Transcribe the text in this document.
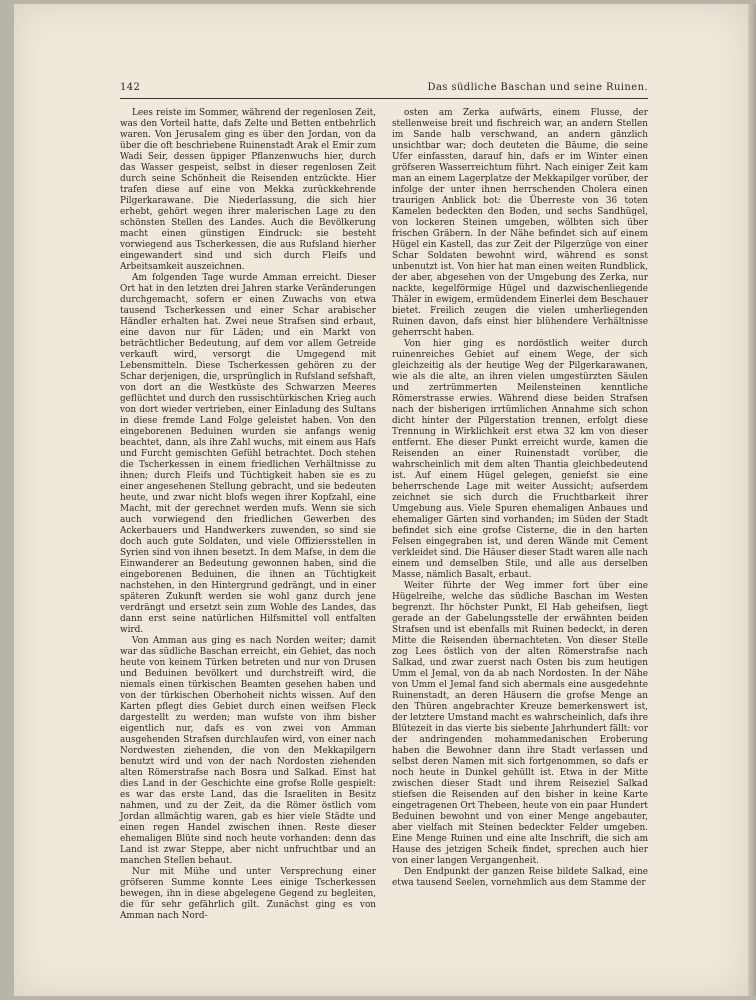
142	Das südliche Baschan und seine Ruinen.

Lees reiste im Sommer, während der regenlosen Zeit, was den Vorteil hatte, dafs Zelte und Betten entbehrlich waren. Von Jerusalem ging es über den Jordan, von da über die oft beschriebene Ruinenstadt Arak el Emir zum Wadi Seir, dessen üppiger Pflanzenwuchs hier, durch das Wasser gespeist, selbst in dieser regenlosen Zeit durch seine Schönheit die Reisenden entzückte. Hier trafen diese auf eine von Mekka zurückkehrende Pilgerkarawane. Die Niederlassung, die sich hier erhebt, gehört wegen ihrer malerischen Lage zu den schönsten Stellen des Landes. Auch die Bevölkerung macht einen günstigen Eindruck: sie besteht vorwiegend aus Tscherkessen, die aus Rufsland hierher eingewandert sind und sich durch Fleifs und Arbeitsamkeit auszeichnen.

Am folgenden Tage wurde Amman erreicht. Dieser Ort hat in den letzten drei Jahren starke Veränderungen durchgemacht, sofern er einen Zuwachs von etwa tausend Tscherkessen und einer Schar arabischer Händler erhalten hat. Zwei neue Strafsen sind erbaut, eine davon nur für Läden; und ein Markt von beträchtlicher Bedeutung, auf dem vor allem Getreide verkauft wird, versorgt die Umgegend mit Lebensmitteln. Diese Tscherkessen gehören zu der Schar derjenigen, die, ursprünglich in Rufsland sefshaft, von dort an die Westküste des Schwarzen Meeres geflüchtet und durch den russischtürkischen Krieg auch von dort wieder vertrieben, einer Einladung des Sultans in diese fremde Land Folge geleistet haben. Von den eingeborenen Beduinen wurden sie anfangs wenig beachtet, dann, als ihre Zahl wuchs, mit einem aus Hafs und Furcht gemischten Gefühl betrachtet. Doch stehen die Tscherkessen in einem friedlichen Verhältnisse zu ihnen; durch Fleifs und Tüchtigkeit haben sie es zu einer angesehenen Stellung gebracht, und sie bedeuten heute, und zwar nicht blofs wegen ihrer Kopfzahl, eine Macht, mit der gerechnet werden mufs. Wenn sie sich auch vorwiegend den friedlichen Gewerben des Ackerbauers und Handwerkers zuwenden, so sind sie doch auch gute Soldaten, und viele Offiziersstellen in Syrien sind von ihnen besetzt. In dem Mafse, in dem die Einwanderer an Bedeutung gewonnen haben, sind die eingeborenen Beduinen, die ihnen an Tüchtigkeit nachstehen, in den Hintergrund gedrängt, und in einer späteren Zukunft werden sie wohl ganz durch jene verdrängt und ersetzt sein zum Wohle des Landes, das dann erst seine natürlichen Hilfsmittel voll entfalten wird.

Von Amman aus ging es nach Norden weiter; damit war das südliche Baschan erreicht, ein Gebiet, das noch heute von keinem Türken betreten und nur von Drusen und Beduinen bevölkert und durchstreift wird, die niemals einen türkischen Beamten gesehen haben und von der türkischen Oberhoheit nichts wissen. Auf den Karten pflegt dies Gebiet durch einen weifsen Fleck dargestellt zu werden; man wufste von ihm bisher eigentlich nur, dafs es von zwei von Amman ausgehenden Strafsen durchlaufen wird, von einer nach Nordwesten ziehenden, die von den Mekkapilgern benutzt wird und von der nach Nordosten ziehenden alten Römerstrafse nach Bosra und Salkad. Einst hat dies Land in der Geschichte eine grofse Rolle gespielt: es war das erste Land, das die Israeliten in Besitz nahmen, und zu der Zeit, da die Römer östlich vom Jordan allmächtig waren, gab es hier viele Städte und einen regen Handel zwischen ihnen. Reste dieser ehemaligen Blüte sind noch heute vorhanden: denn das Land ist zwar Steppe, aber nicht unfruchtbar und an manchen Stellen behaut.

Nur mit Mühe und unter Versprechung einer gröfseren Summe konnte Lees einige Tscherkessen bewegen, ihn in diese abgelegene Gegend zu begleiten, die für sehr gefährlich gilt. Zunächst ging es von Amman nach Nord-

osten am Zerka aufwärts, einem Flusse, der stellenweise breit und fischreich war, an andern Stellen im Sande halb verschwand, an andern gänzlich unsichtbar war; doch deuteten die Bäume, die seine Ufer einfassten, darauf hin, dafs er im Winter einen gröfseren Wasserreichtum führt. Nach einiger Zeit kam man an einem Lagerplatze der Mekkapilger vorüber, der infolge der unter ihnen herrschenden Cholera einen traurigen Anblick bot: die Überreste von 36 toten Kamelen bedeckten den Boden, und sechs Sandhügel, von lockeren Steinen umgeben, wölbten sich über frischen Gräbern. In der Nähe befindet sich auf einem Hügel ein Kastell, das zur Zeit der Pilgerzüge von einer Schar Soldaten bewohnt wird, während es sonst unbenutzt ist. Von hier hat man einen weiten Rundblick, der aber, abgesehen von der Umgebung des Zerka, nur nackte, kegelförmige Hügel und dazwischenliegende Thäler in ewigem, ermüdendem Einerlei dem Beschauer bietet. Freilich zeugen die vielen umherliegenden Ruinen davon, dafs einst hier blühendere Verhältnisse geherrscht haben.

Von hier ging es nordöstlich weiter durch ruinenreiches Gebiet auf einem Wege, der sich gleichzeitig als der heutige Weg der Pilgerkarawanen, wie als die alte, an ihren vielen umgestürzten Säulen und zertrümmerten Meilensteinen kenntliche Römerstrasse erwies. Während diese beiden Strafsen nach der bisherigen irrtümlichen Annahme sich schon dicht hinter der Pilgerstation trennen, erfolgt diese Trennung in Wirklichkeit erst etwa 32 km von dieser entfernt. Ehe dieser Punkt erreicht wurde, kamen die Reisenden an einer Ruinenstadt vorüber, die wahrscheinlich mit dem alten Thantia gleichbedeutend ist. Auf einem Hügel gelegen, geniefst sie eine beherrschende Lage mit weiter Aussicht; aufserdem zeichnet sie sich durch die Fruchtbarkeit ihrer Umgebung aus. Viele Spuren ehemaligen Anbaues und ehemaliger Gärten sind vorhanden; im Süden der Stadt befindet sich eine grofse Cisterne, die in den harten Felsen eingegraben ist, und deren Wände mit Cement verkleidet sind. Die Häuser dieser Stadt waren alle nach einem und demselben Stile, und alle aus derselben Masse, nämlich Basalt, erbaut.

Weiter führte der Weg immer fort über eine Hügelreihe, welche das südliche Baschan im Westen begrenzt. Ihr höchster Punkt, El Hab geheifsen, liegt gerade an der Gabelungsstelle der erwähnten beiden Strafsen und ist ebenfalls mit Ruinen bedeckt, in deren Mitte die Reisenden übernachteten. Von dieser Stelle zog Lees östlich von der alten Römerstrafse nach Salkad, und zwar zuerst nach Osten bis zum heutigen Umm el Jemal, von da ab nach Nordosten. In der Nähe von Umm el Jemal fand sich abermals eine ausgedehnte Ruinenstadt, an deren Häusern die grofse Menge an den Thüren angebrachter Kreuze bemerkenswert ist, der letztere Umstand macht es wahrscheinlich, dafs ihre Blütezeit in das vierte bis siebente Jahrhundert fällt: vor der andringenden mohammedanischen Eroberung haben die Bewohner dann ihre Stadt verlassen und selbst deren Namen mit sich fortgenommen, so dafs er noch heute in Dunkel gehüllt ist. Etwa in der Mitte zwischen dieser Stadt und ihrem Reiseziel Salkad stiefsen die Reisenden auf den bisher in keine Karte eingetragenen Ort Thebeen, heute von ein paar Hundert Beduinen bewohnt und von einer Menge angebauter, aber vielfach mit Steinen bedeckter Felder umgeben. Eine Menge Ruinen und eine alte Inschrift, die sich am Hause des jetzigen Scheik findet, sprechen auch hier von einer langen Vergangenheit.

Den Endpunkt der ganzen Reise bildete Salkad, eine etwa tausend Seelen, vornehmlich aus dem Stamme der
